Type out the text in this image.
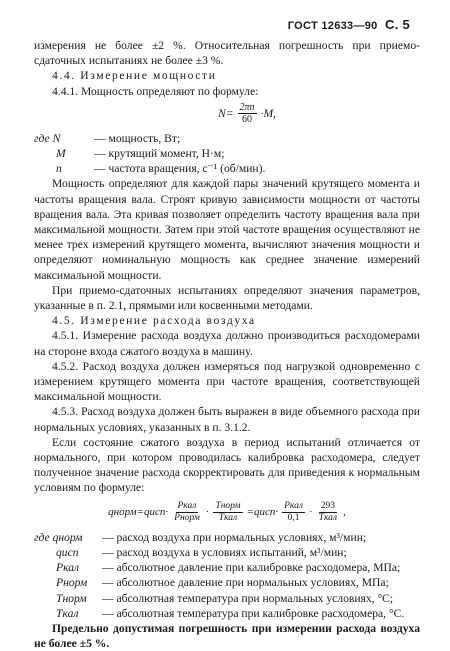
ГОСТ 12633—90 С. 5

измерения не более ±2 %. Относительная погрешность при приемо-сдаточных испытаниях не более ±3 %.

4.4. Измерение мощности

4.4.1. Мощность определяют по формуле:

$N= \frac{2\pi n}{60} \cdot M$,
где N	— мощность, Вт;
M	— крутящий момент, Н·м;
n	— частота вращения, с⁻¹ (об/мин).

Мощность определяют для каждой пары значений крутящего момента и частоты вращения вала. Строят кривую зависимости мощности от частоты вращения вала. Эта кривая позволяет определить частоту вращения вала при максимальной мощности. Затем при этой частоте вращения осуществляют не менее трех измерений крутящего момента, вычисляют значения мощности и определяют номинальную мощность как среднее значение измерений максимальной мощности.

При приемо-сдаточных испытаниях определяют значения параметров, указанные в п. 2.1, прямыми или косвенными методами.

4.5. Измерение расхода воздуха

4.5.1. Измерение расхода воздуха должно производиться расходомерами на стороне входа сжатого воздуха в машину.

4.5.2. Расход воздуха должен измеряться под нагрузкой одновременно с измерением крутящего момента при частоте вращения, соответствующей максимальной мощности.

4.5.3. Расход воздуха должен быть выражен в виде объемного расхода при нормальных условиях, указанных в п. 3.1.2.

Если состояние сжатого воздуха в период испытаний отличается от нормального, при котором проводилась калибровка расходомера, следует полученное значение расхода скорректировать для приведения к нормальным условиям по формуле:

qнорм=qисп· $\frac{\text{Pкал}}{\text{Pнорм}} \cdot \frac{\text{Tнорм}}{\text{Tкал}}$ =qисп· $\frac{\text{Pкал}}{0,1} \cdot \frac{293}{\text{Tкал}}$ ,
где qнорм	— расход воздуха при нормальных условиях, м³/мин;
qисп	— расход воздуха в условиях испытаний, м³/мин;
Pкал	— абсолютное давление при калибровке расходомера, МПа;
Pнорм	— абсолютное давление при нормальных условиях, МПа;
Tнорм	— абсолютная температура при нормальных условиях, °С;
Tкал	— абсолютная температура при калибровке расходомера, °С.

Предельно допустимая погрешность при измерении расхода воздуха не более ±5 %.
